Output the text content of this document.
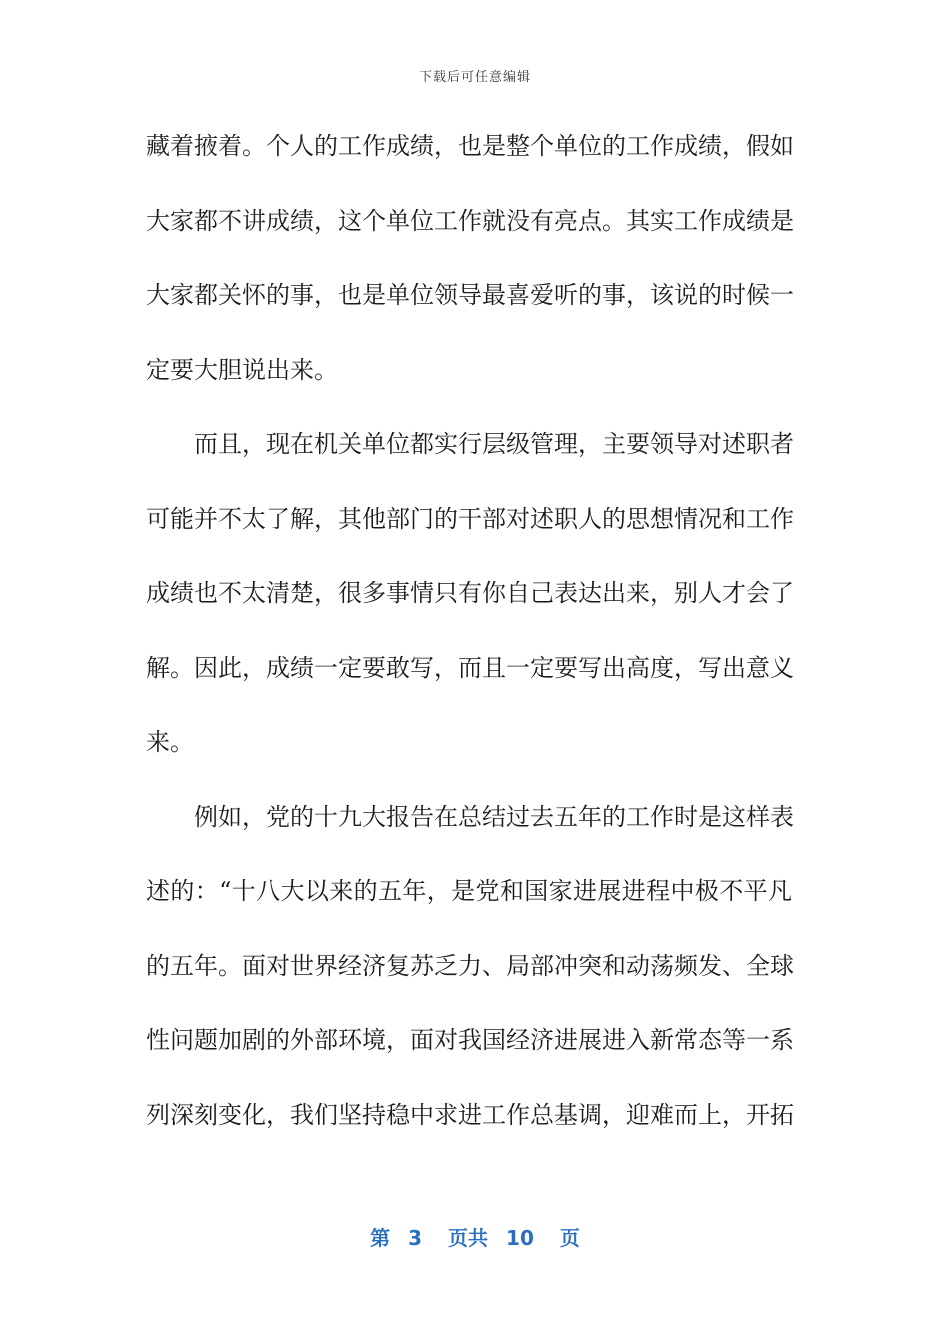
下载后可任意编辑
藏着掖着。个人的工作成绩，也是整个单位的工作成绩，假如
大家都不讲成绩，这个单位工作就没有亮点。其实工作成绩是
大家都关怀的事，也是单位领导最喜爱听的事，该说的时候一
定要大胆说出来。
而且，现在机关单位都实行层级管理，主要领导对述职者
可能并不太了解，其他部门的干部对述职人的思想情况和工作
成绩也不太清楚，很多事情只有你自己表达出来，别人才会了
解。因此，成绩一定要敢写，而且一定要写出高度，写出意义
来。
例如，党的十九大报告在总结过去五年的工作时是这样表
述的：“十八大以来的五年，是党和国家进展进程中极不平凡
的五年。面对世界经济复苏乏力、局部冲突和动荡频发、全球
性问题加剧的外部环境，面对我国经济进展进入新常态等一系
列深刻变化，我们坚持稳中求进工作总基调，迎难而上，开拓
第 3 页共 10 页
